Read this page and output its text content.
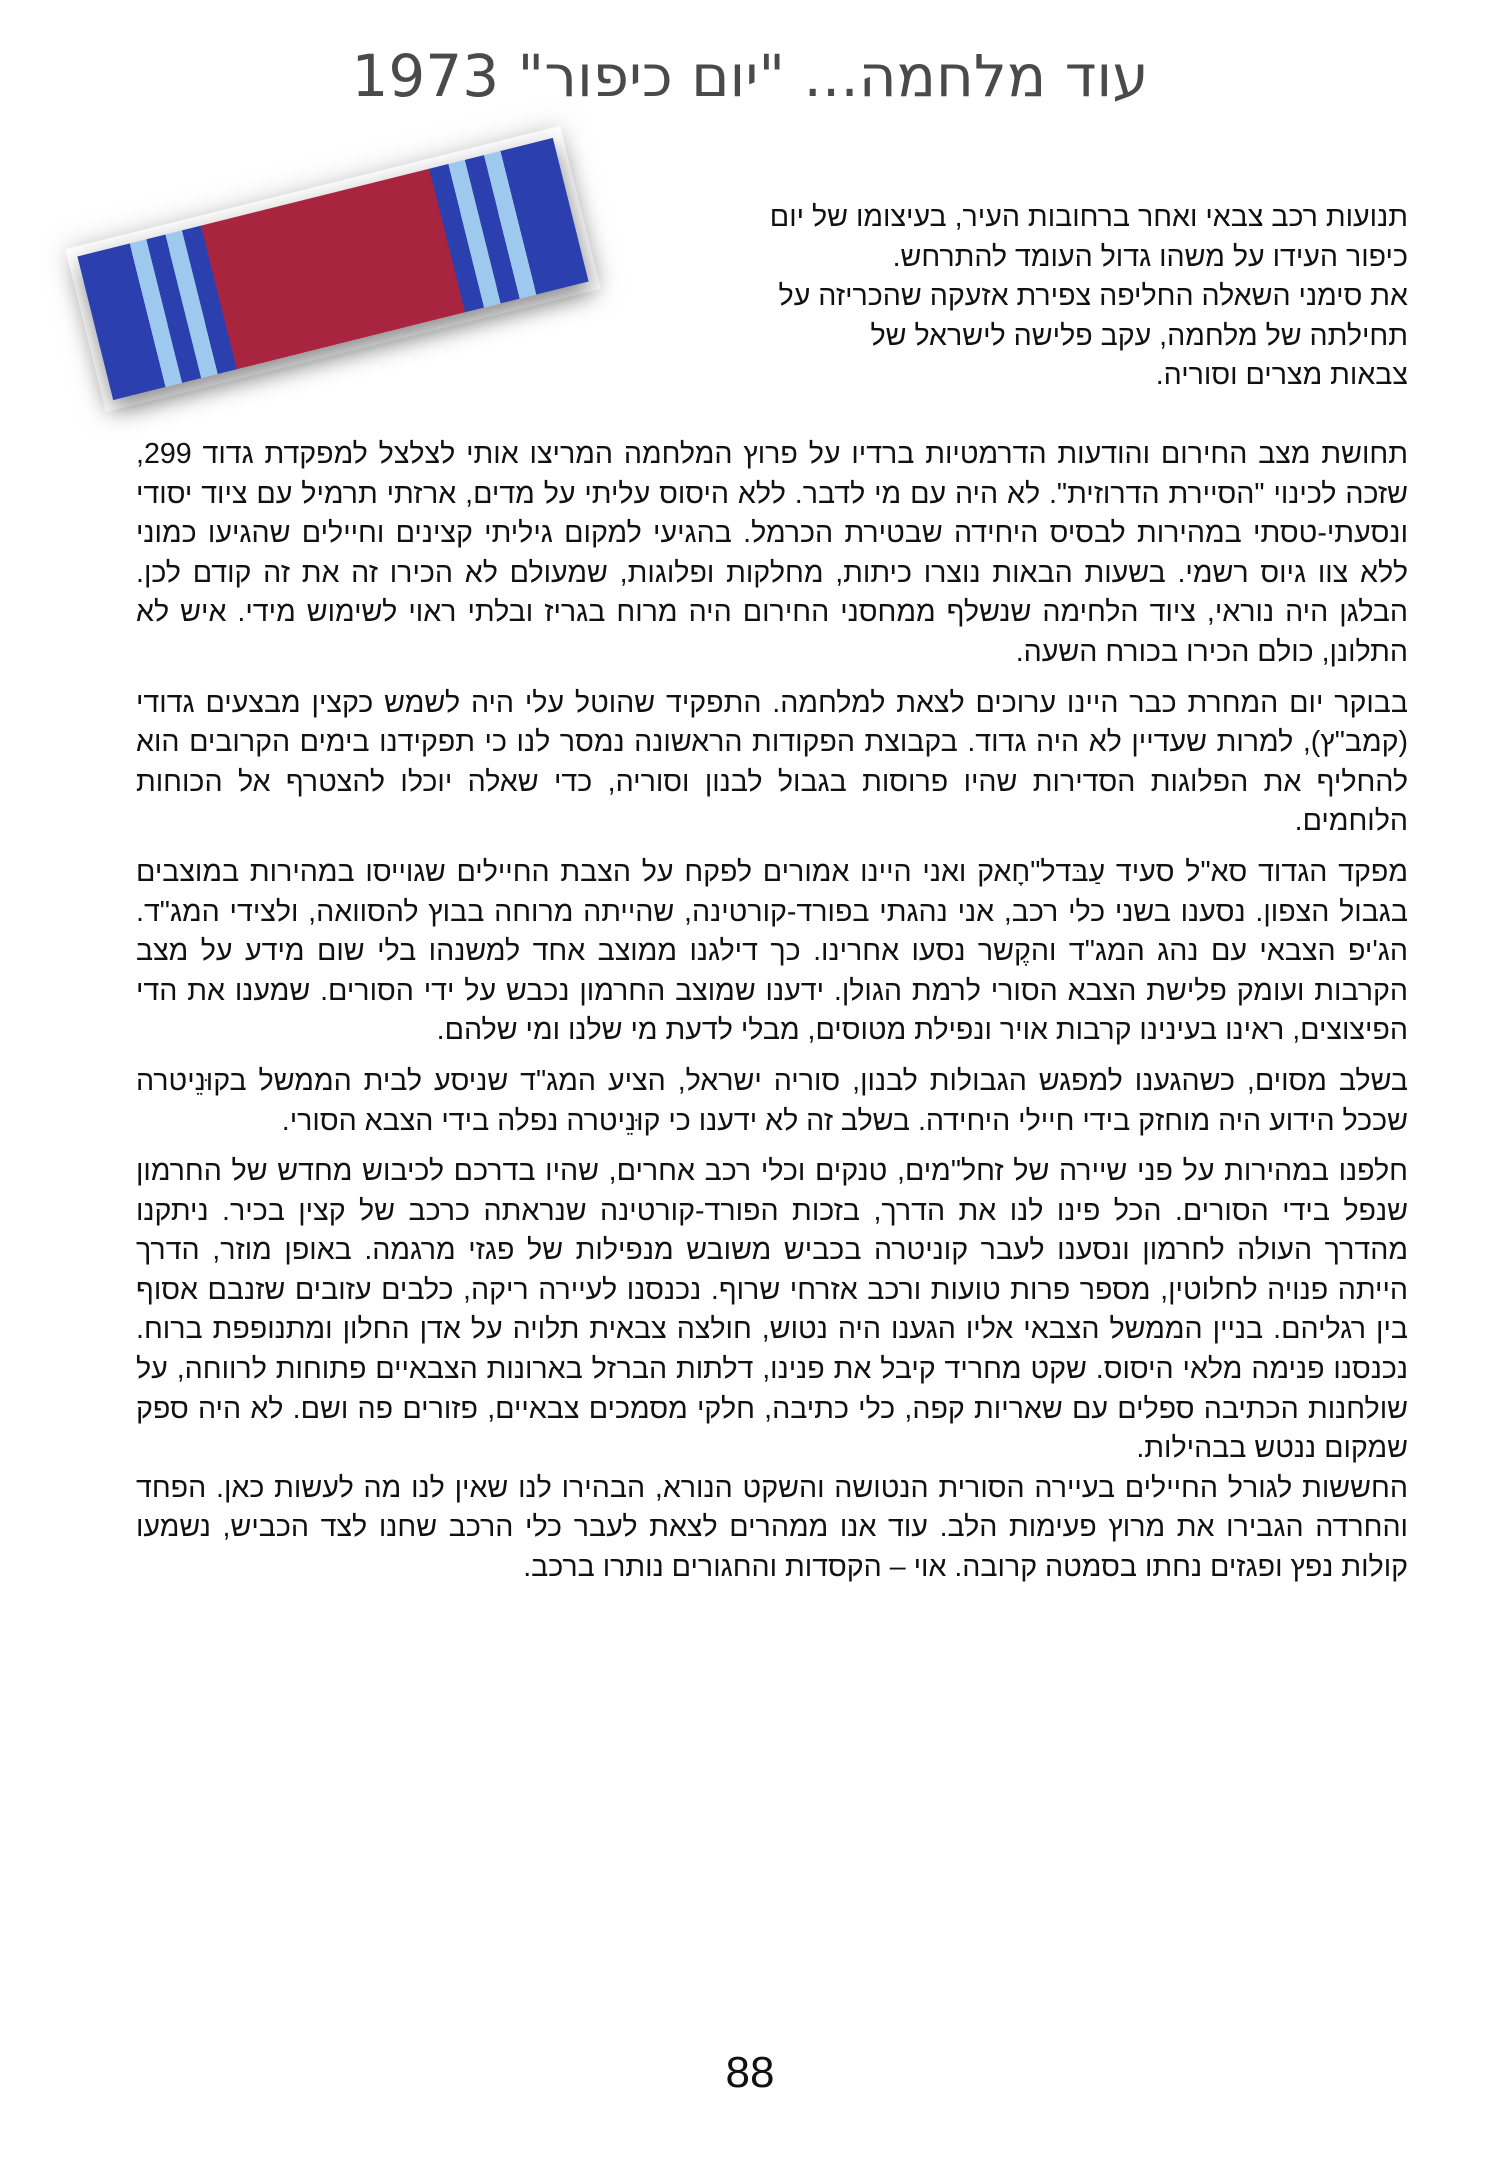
עוד מלחמה... "יום כיפור" 1973
תנועות רכב צבאי ואחר ברחובות העיר, בעיצומו של יום
כיפור העידו על משהו גדול העומד להתרחש.
את סימני השאלה החליפה צפירת אזעקה שהכריזה על
תחילתה של מלחמה, עקב פלישה לישראל של
צבאות מצרים וסוריה.

תחושת מצב החירום והודעות הדרמטיות ברדיו על פרוץ המלחמה המריצו אותי לצלצל למפקדת גדוד 299, שזכה לכינוי "הסיירת הדרוזית". לא היה עם מי לדבר. ללא היסוס עליתי על מדים, ארזתי תרמיל עם ציוד יסודי ונסעתי-טסתי במהירות לבסיס היחידה שבטירת הכרמל. בהגיעי למקום גיליתי קצינים וחיילים שהגיעו כמוני ללא צוו גיוס רשמי. בשעות הבאות נוצרו כיתות, מחלקות ופלוגות, שמעולם לא הכירו זה את זה קודם לכן. הבלגן היה נוראי, ציוד הלחימה שנשלף ממחסני החירום היה מרוח בגריז ובלתי ראוי לשימוש מידי. איש לא התלונן, כולם הכירו בכורח השעה.

בבוקר יום המחרת כבר היינו ערוכים לצאת למלחמה. התפקיד שהוטל עלי היה לשמש כקצין מבצעים גדודי (קמב"ץ), למרות שעדיין לא היה גדוד. בקבוצת הפקודות הראשונה נמסר לנו כי תפקידנו בימים הקרובים הוא להחליף את הפלוגות הסדירות שהיו פרוסות בגבול לבנון וסוריה, כדי שאלה יוכלו להצטרף אל הכוחות הלוחמים.

מפקד הגדוד סא"ל סעיד עַבּדל"חָאק ואני היינו אמורים לפקח על הצבת החיילים שגוייסו במהירות במוצבים בגבול הצפון. נסענו בשני כלי רכב, אני נהגתי בפורד-קורטינה, שהייתה מרוחה בבוץ להסוואה, ולצידי המג"ד. הג'יפ הצבאי עם נהג המג"ד והקֶשר נסעו אחרינו. כך דילגנו ממוצב אחד למשנהו בלי שום מידע על מצב הקרבות ועומק פלישת הצבא הסורי לרמת הגולן. ידענו שמוצב החרמון נכבש על ידי הסורים. שמענו את הדי הפיצוצים, ראינו בעינינו קרבות אויר ונפילת מטוסים, מבלי לדעת מי שלנו ומי שלהם.

בשלב מסוים, כשהגענו למפגש הגבולות לבנון, סוריה ישראל, הציע המג"ד שניסע לבית הממשל בקוּנֵיטרה שככל הידוע היה מוחזק בידי חיילי היחידה. בשלב זה לא ידענו כי קוּנֵיטרה נפלה בידי הצבא הסורי.

חלפנו במהירות על פני שיירה של זחל"מים, טנקים וכלי רכב אחרים, שהיו בדרכם לכיבוש מחדש של החרמון שנפל בידי הסורים. הכל פינו לנו את הדרך, בזכות הפורד-קורטינה שנראתה כרכב של קצין בכיר. ניתקנו מהדרך העולה לחרמון ונסענו לעבר קוניטרה בכביש משובש מנפילות של פגזי מרגמה. באופן מוזר, הדרך הייתה פנויה לחלוטין, מספר פרות טועות ורכב אזרחי שרוף. נכנסנו לעיירה ריקה, כלבים עזובים שזנבם אסוף בין רגליהם. בניין הממשל הצבאי אליו הגענו היה נטוש, חולצה צבאית תלויה על אדן החלון ומתנופפת ברוח. נכנסנו פנימה מלאי היסוס. שקט מחריד קיבל את פנינו, דלתות הברזל בארונות הצבאיים פתוחות לרווחה, על שולחנות הכתיבה ספלים עם שאריות קפה, כלי כתיבה, חלקי מסמכים צבאיים, פזורים פה ושם. לא היה ספק שמקום ננטש בבהילות.

החששות לגורל החיילים בעיירה הסורית הנטושה והשקט הנורא, הבהירו לנו שאין לנו מה לעשות כאן. הפחד והחרדה הגבירו את מרוץ פעימות הלב. עוד אנו ממהרים לצאת לעבר כלי הרכב שחנו לצד הכביש, נשמעו קולות נפץ ופגזים נחתו בסמטה קרובה. אוי – הקסדות והחגורים נותרו ברכב.

88
